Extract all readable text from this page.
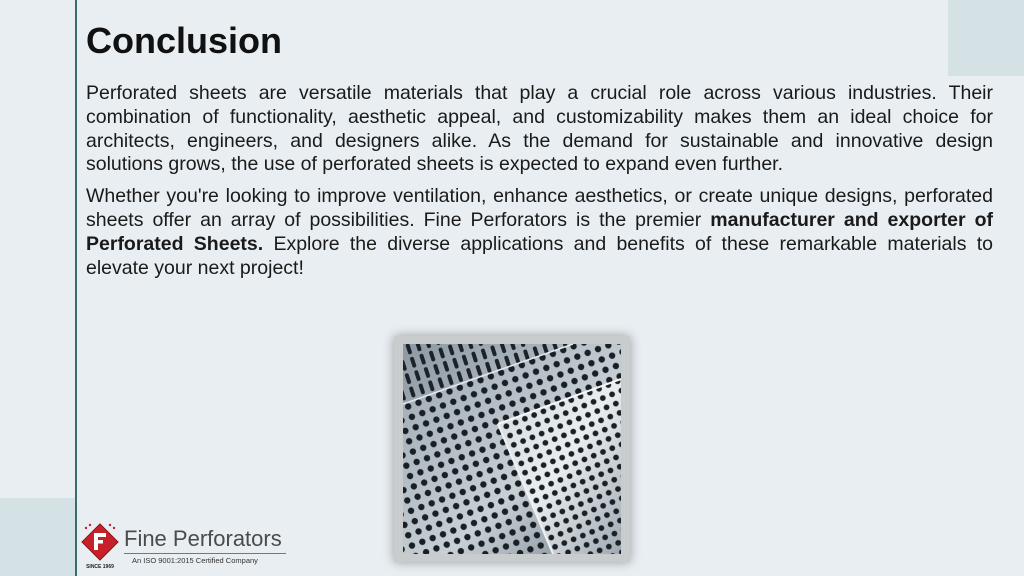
Conclusion

Perforated sheets are versatile materials that play a crucial role across various industries. Their combination of functionality, aesthetic appeal, and customizability makes them an ideal choice for architects, engineers, and designers alike. As the demand for sustainable and innovative design solutions grows, the use of perforated sheets is expected to expand even further.

Whether you're looking to improve ventilation, enhance aesthetics, or create unique designs, perforated sheets offer an array of possibilities. Fine Perforators is the premier manufacturer and exporter of Perforated Sheets. Explore the diverse applications and benefits of these remarkable materials to elevate your next project!

SINCE 1969
Fine Perforators
An ISO 9001:2015 Certified Company
